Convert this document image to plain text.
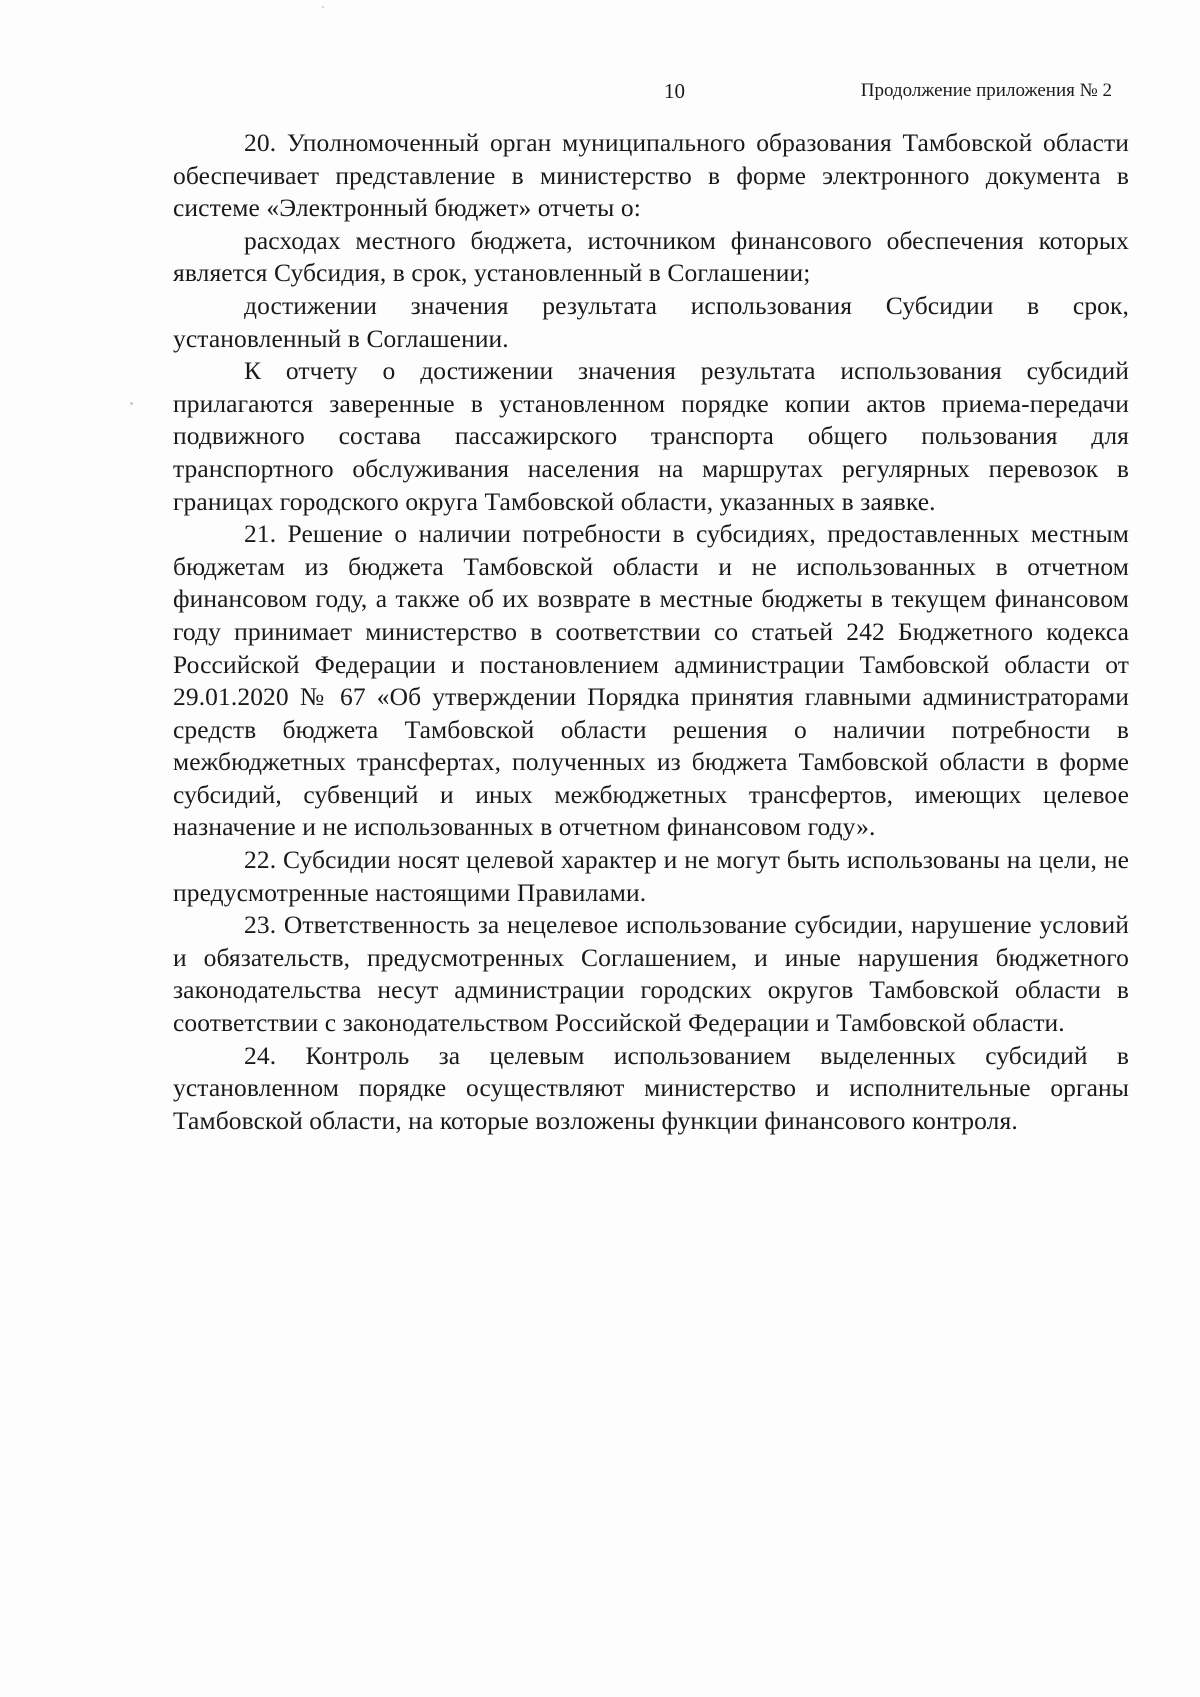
10	Продолжение приложения № 2

20. Уполномоченный орган муниципального образования Тамбовской области обеспечивает представление в министерство в форме электронного документа в системе «Электронный бюджет» отчеты о:

расходах местного бюджета, источником финансового обеспечения которых является Субсидия, в срок, установленный в Соглашении;

достижении значения результата использования Субсидии в срок, установленный в Соглашении.

К отчету о достижении значения результата использования субсидий прилагаются заверенные в установленном порядке копии актов приема-передачи подвижного состава пассажирского транспорта общего пользования для транспортного обслуживания населения на маршрутах регулярных перевозок в границах городского округа Тамбовской области, указанных в заявке.

21. Решение о наличии потребности в субсидиях, предоставленных местным бюджетам из бюджета Тамбовской области и не использованных в отчетном финансовом году, а также об их возврате в местные бюджеты в текущем финансовом году принимает министерство в соответствии со статьей 242 Бюджетного кодекса Российской Федерации и постановлением администрации Тамбовской области от 29.01.2020 № 67 «Об утверждении Порядка принятия главными администраторами средств бюджета Тамбовской области решения о наличии потребности в межбюджетных трансфертах, полученных из бюджета Тамбовской области в форме субсидий, субвенций и иных межбюджетных трансфертов, имеющих целевое назначение и не использованных в отчетном финансовом году».

22. Субсидии носят целевой характер и не могут быть использованы на цели, не предусмотренные настоящими Правилами.

23. Ответственность за нецелевое использование субсидии, нарушение условий и обязательств, предусмотренных Соглашением, и иные нарушения бюджетного законодательства несут администрации городских округов Тамбовской области в соответствии с законодательством Российской Федерации и Тамбовской области.

24. Контроль за целевым использованием выделенных субсидий в установленном порядке осуществляют министерство и исполнительные органы Тамбовской области, на которые возложены функции финансового контроля.
